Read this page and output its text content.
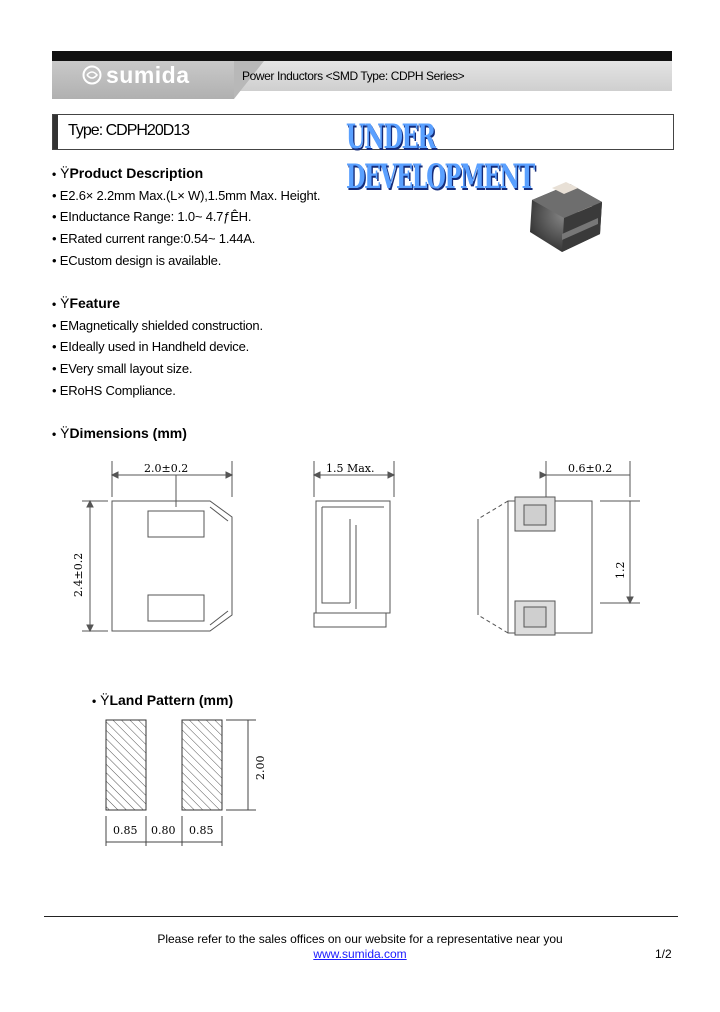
sumida	Power Inductors <SMD Type: CDPH Series>
Type: CDPH20D13	UNDER DEVELOPMENT
• ŸProduct Description
• E2.6× 2.2mm Max.(L× W),1.5mm Max. Height.
• EInductance Range: 1.0~ 4.7ƒÊH.
• ERated current range:0.54~ 1.44A.
• ECustom design is available.
• ŸFeature
• EMagnetically shielded construction.
• EIdeally used in Handheld device.
• EVery small layout size.
• ERoHS Compliance.
• ŸDimensions (mm)
2.0±0.2	1.5 Max.	0.6±0.2
2.4±0.2	1.2
• ŸLand Pattern (mm)
0.85 0.80 0.85
2.00
Please refer to the sales offices on our website for a representative near you
www.sumida.com	1/2
